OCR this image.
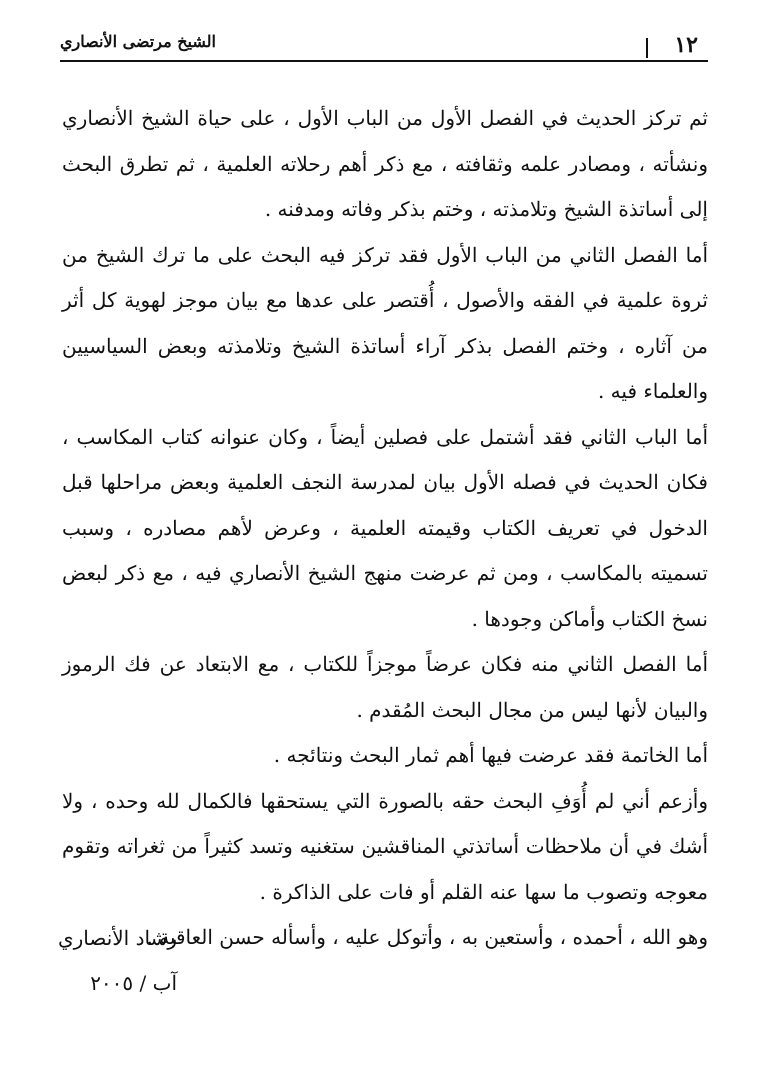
١٢
الشيخ مرتضى الأنصاري

ثم تركز الحديث في الفصل الأول من الباب الأول ، على حياة الشيخ الأنصاري ونشأته ، ومصادر علمه وثقافته ، مع ذكر أهم رحلاته العلمية ، ثم تطرق البحث إلى أساتذة الشيخ وتلامذته ، وختم بذكر وفاته ومدفنه .

أما الفصل الثاني من الباب الأول فقد تركز فيه البحث على ما ترك الشيخ من ثروة علمية في الفقه والأصول ، أُقتصر على عدها مع بيان موجز لهوية كل أثر من آثاره ، وختم الفصل بذكر آراء أساتذة الشيخ وتلامذته وبعض السياسيين والعلماء فيه .

أما الباب الثاني فقد أشتمل على فصلين أيضاً ، وكان عنوانه كتاب المكاسب ، فكان الحديث في فصله الأول بيان لمدرسة النجف العلمية وبعض مراحلها قبل الدخول في تعريف الكتاب وقيمته العلمية ، وعرض لأهم مصادره ، وسبب تسميته بالمكاسب ، ومن ثم عرضت منهج الشيخ الأنصاري فيه ، مع ذكر لبعض نسخ الكتاب وأماكن وجودها .

أما الفصل الثاني منه فكان عرضاً موجزاً للكتاب ، مع الابتعاد عن فك الرموز والبيان لأنها ليس من مجال البحث المُقدم .

أما الخاتمة فقد عرضت فيها أهم ثمار البحث ونتائجه .

وأزعم أني لم أُوَفِ البحث حقه بالصورة التي يستحقها فالكمال لله وحده ، ولا أشك في أن ملاحظات أساتذتي المناقشين ستغنيه وتسد كثيراً من ثغراته وتقوم معوجه وتصوب ما سها عنه القلم أو فات على الذاكرة .

وهو الله ، أحمده ، وأستعين به ، وأتوكل عليه ، وأسأله حسن العاقبة .

رشاد الأنصاري
آب / ٢٠٠٥
